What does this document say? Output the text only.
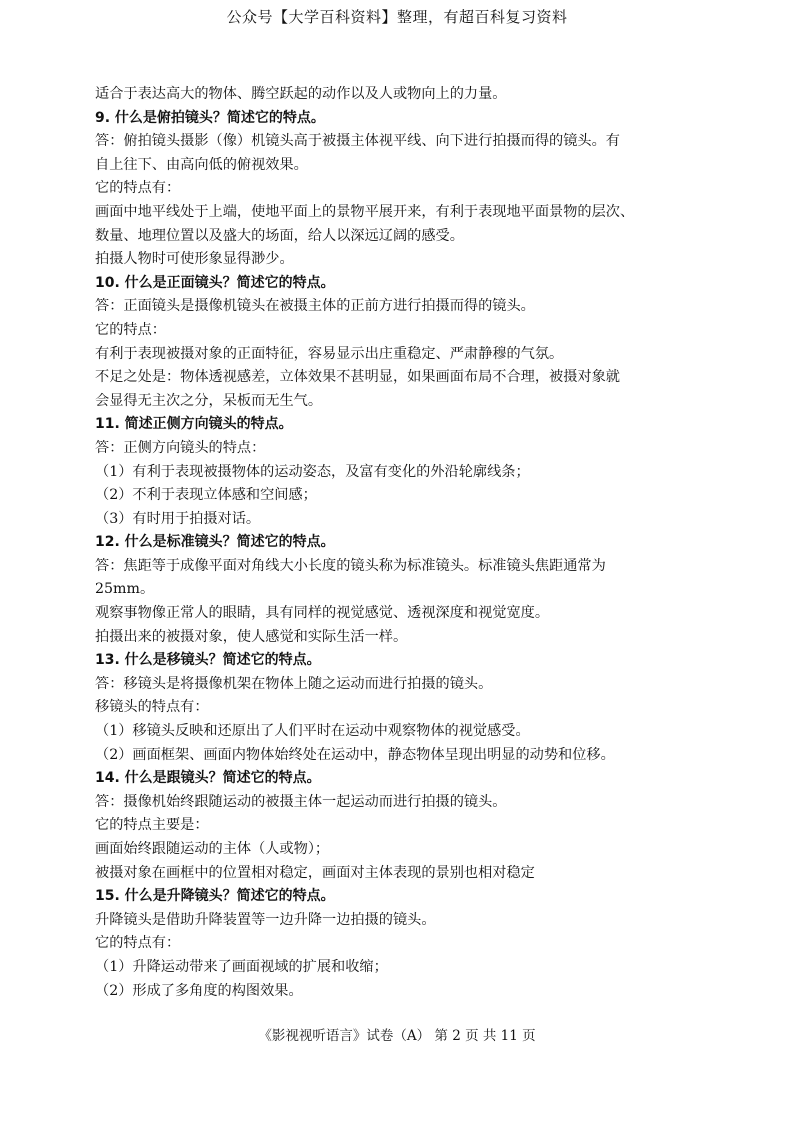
公众号【大学百科资料】整理，有超百科复习资料
适合于表达高大的物体、腾空跃起的动作以及人或物向上的力量。
9. 什么是俯拍镜头？简述它的特点。
答：俯拍镜头摄影（像）机镜头高于被摄主体视平线、向下进行拍摄而得的镜头。有
自上往下、由高向低的俯视效果。
它的特点有：
画面中地平线处于上端，使地平面上的景物平展开来，有利于表现地平面景物的层次、
数量、地理位置以及盛大的场面，给人以深远辽阔的感受。
拍摄人物时可使形象显得渺少。
10. 什么是正面镜头？简述它的特点。
答：正面镜头是摄像机镜头在被摄主体的正前方进行拍摄而得的镜头。
它的特点：
有利于表现被摄对象的正面特征，容易显示出庄重稳定、严肃静穆的气氛。
不足之处是：物体透视感差，立体效果不甚明显，如果画面布局不合理，被摄对象就
会显得无主次之分，呆板而无生气。
11. 简述正侧方向镜头的特点。
答：正侧方向镜头的特点：
（1）有利于表现被摄物体的运动姿态，及富有变化的外沿轮廓线条；
（2）不利于表现立体感和空间感；
（3）有时用于拍摄对话。
12. 什么是标准镜头？简述它的特点。
答：焦距等于成像平面对角线大小长度的镜头称为标准镜头。标准镜头焦距通常为
25mm。
观察事物像正常人的眼睛，具有同样的视觉感觉、透视深度和视觉宽度。
拍摄出来的被摄对象，使人感觉和实际生活一样。
13. 什么是移镜头？简述它的特点。
答：移镜头是将摄像机架在物体上随之运动而进行拍摄的镜头。
移镜头的特点有：
（1）移镜头反映和还原出了人们平时在运动中观察物体的视觉感受。
（2）画面框架、画面内物体始终处在运动中，静态物体呈现出明显的动势和位移。
14. 什么是跟镜头？简述它的特点。
答：摄像机始终跟随运动的被摄主体一起运动而进行拍摄的镜头。
它的特点主要是：
画面始终跟随运动的主体（人或物）；
被摄对象在画框中的位置相对稳定，画面对主体表现的景别也相对稳定
15. 什么是升降镜头？简述它的特点。
升降镜头是借助升降装置等一边升降一边拍摄的镜头。
它的特点有：
（1）升降运动带来了画面视域的扩展和收缩；
（2）形成了多角度的构图效果。
《影视视听语言》试卷（A） 第 2 页 共 11 页
